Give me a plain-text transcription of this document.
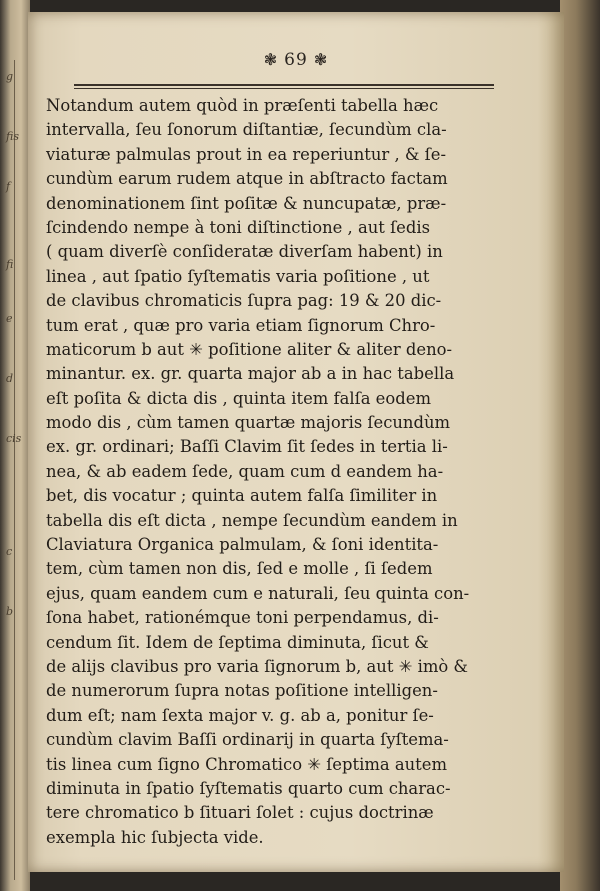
g
fis
f
fi
e
d
cis
c
b
❃ 69 ❃
Notandum autem quòd in præſenti tabella hæc
intervalla, ſeu ſonorum diſtantiæ, ſecundùm cla-
viaturæ palmulas prout in ea reperiuntur , & ſe-
cundùm earum rudem atque in abſtracto factam
denominationem ſint poſitæ & nuncupatæ, præ-
ſcindendo nempe à toni diſtinctione , aut ſedis
( quam diverſè conſideratæ diverſam habent) in
linea , aut ſpatio ſyſtematis varia poſitione , ut
de clavibus chromaticis ſupra pag: 19 & 20 dic-
tum erat , quæ pro varia etiam ſignorum Chro-
maticorum b aut ✳ poſitione aliter & aliter deno-
minantur. ex. gr. quarta major ab a in hac tabella
eſt poſita & dicta dis , quinta item falſa eodem
modo dis , cùm tamen quartæ majoris ſecundùm
ex. gr. ordinari; Baſſi Clavim ſit ſedes in tertia li-
nea, & ab eadem ſede, quam cum d eandem ha-
bet, dis vocatur ; quinta autem falſa ſimiliter in
tabella dis eſt dicta , nempe ſecundùm eandem in
Claviatura Organica palmulam, & ſoni identita-
tem, cùm tamen non dis, ſed e molle , ſi ſedem
ejus, quam eandem cum e naturali, ſeu quinta con-
ſona habet, rationémque toni perpendamus, di-
cendum ſit. Idem de ſeptima diminuta, ſicut &
de alijs clavibus pro varia ſignorum b, aut ✳ imò &
de numerorum ſupra notas poſitione intelligen-
dum eſt; nam ſexta major v. g. ab a, ponitur ſe-
cundùm clavim Baſſi ordinarij in quarta ſyſtema-
tis linea cum ſigno Chromatico ✳ ſeptima autem
diminuta in ſpatio ſyſtematis quarto cum charac-
tere chromatico b ſituari ſolet : cujus doctrinæ
exempla hic ſubjecta vide.
